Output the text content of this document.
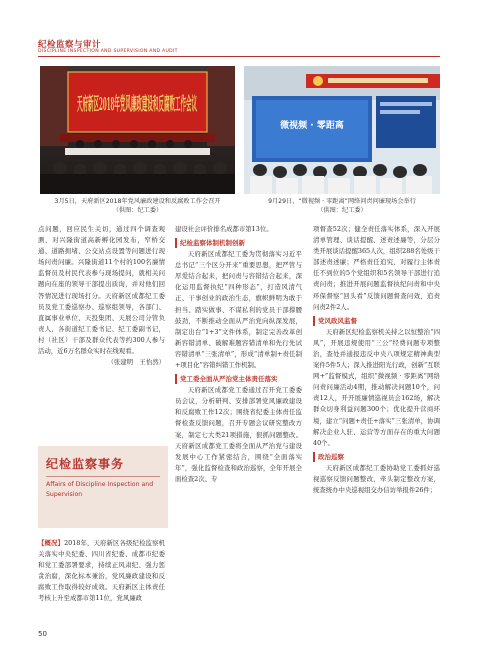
纪检监察与审计
DISCIPLINE INSPECTION AND SUPERVISION AND AUDIT
3月5日，天府新区2018年党风廉政建设和反腐败工作会召开
（供图：纪工委）
微视频 · 零距离
9月29日，“微视频 · 零距离”网络问责问廉现场会举行
（供图：纪工委）

点问题，回应民生关切，通过四个调查观测，对兴隆街道高新孵化园发布，窄桥交通、道路拥堵、公交站点设置等问题进行现场问责问廉。兴隆街道11个村的100名廉情监督员及村民代表参与现场提问，就相关问题向在座的领导干部提出质询，并对他们回答情况进行现场打分。天府新区成都纪工委员及党工委巡察办、巡察组领导，各部门、直属事业单位、天投集团、天展公司分管负责人，各街道纪工委书记、纪工委副书记，村（社区）干部及群众代表等约300人参与活动，近6万名群众实时在线观看。

（张建明　王怡然）

纪检监察事务
Affairs of Discipline Inspection and Supervision

【概况】2018年，天府新区各级纪检监察机关落实中央纪委、四川省纪委、成都市纪委和党工委部署要求，持续正风肃纪、强力惩贪治腐，深化标本兼治，党风廉政建设和反腐败工作取得较好成效。天府新区主体责任考核上升至成都市第11位，党风廉政

建设社会评价排名成都市第13位。

纪检监察体制机制创新

天府新区成都纪工委为贯彻落实习近平总书记“三个区分开来”重要思想，把严管与厚爱结合起来，把问责与容错结合起来，深化运用监督执纪“四种形态”，打造风清气正、干事创业的政治生态，旗帜鲜明为敢于担当、踏实做事、不谋私利的党员干部撑腰鼓劲，不断推动全面从严治党向纵深发展，制定出台“1+3”文件体系，制定完善改革创新容错清单、破解难题容错清单和先行先试容错清单“三张清单”，形成“清单制+责任制+项目化”容错纠错工作机制。

党工委全面从严治党主体责任落实

天府新区成都党工委通过召开党工委委员会议，分析研判、安排部署党风廉政建设和反腐败工作12次；围绕省纪委主体责任监督检查反馈问题，召开专题会议研究整改方案，制定七大类21项措施，狠抓问题整改。天府新区成都党工委将全面从严治党与建设发展中心工作紧密结合，围绕“全面落实年”，强化监督检查和政治巡察，全年开展全面检查2次、专

项督查52次；健全责任落实体系，深入开展清单管理、谈话提醒、述责述廉等，分层分类开展谈话提醒365人次，组织288名处级干部述责述廉；严格责任追究，对履行主体责任不到位的5个党组织和5名领导干部进行追责问责；推进开展问题监督执纪问责和中央环保督察“回头看”反馈问题督查问效，追责问责2件2人。

党风政风监督

天府新区纪检监察机关持之以恒整治“四风”，开展违规使用“三公”经费问题专项整治，查处并通报违反中央八项规定精神典型案件5件5人；深入推进阳光行政，创新“互联网+”监督模式，组织“微视频 · 零距离”网络问责问廉活动4期，推动解决问题10个，问责12人，开开展廉情巡视员会162场，解决群众切身利益问题300个；优化提升营商环境，建立“问题+责任+落实”三张清单，协调解决企业人驻、运营等方面存在的重大问题40个。

政治巡察

天府新区成都纪工委协助党工委抓好巡视巡察反馈问题整改，牵头制定整改方案，统查统办中央巡视组交办信访举报件26件；

50
